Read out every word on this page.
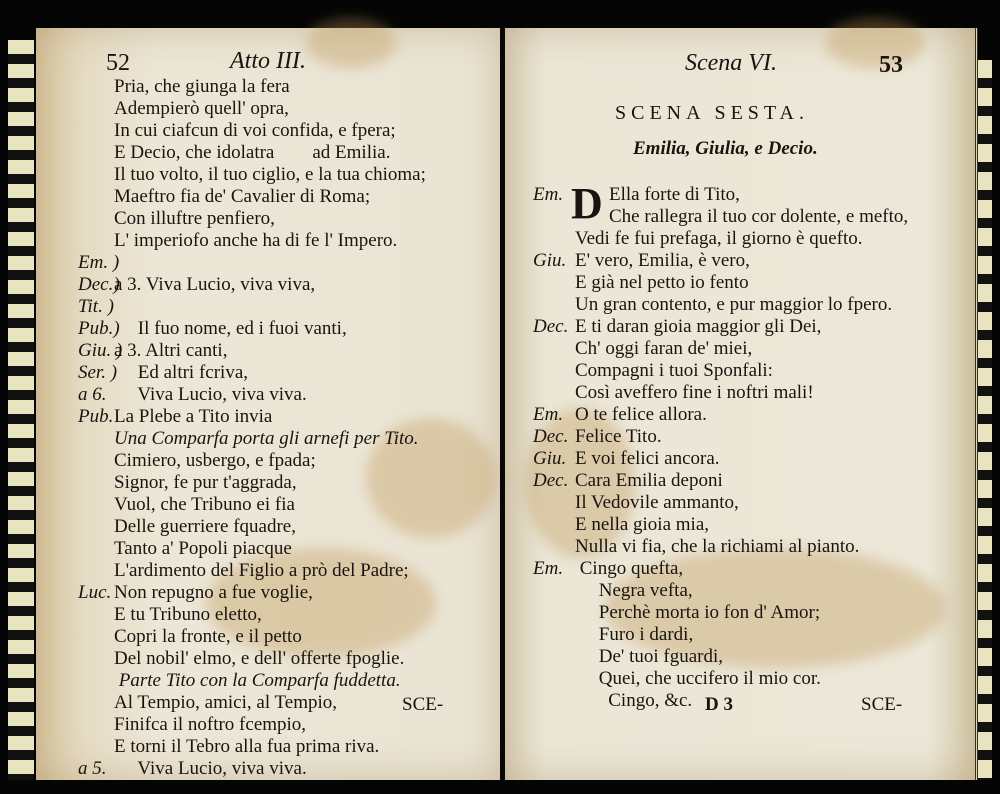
52	Atto III.
Pria, che giunga la fera
Adempierò quell' opra,
In cui ciafcun di voi confida, e fpera;
E Decio, che idolatra        ad Emilia.
Il tuo volto, il tuo ciglio, e la tua chioma;
Maeftro fia de' Cavalier di Roma;
Con illuftre penfiero,
L' imperiofo anche ha di fe l' Impero.
Em. )
Dec.)
a 3. Viva Lucio, viva viva,
Tit. )
Pub.)
Il fuo nome, ed i fuoi vanti,
Giu. )
a 3. Altri canti,
Ser. )
Ed altri fcriva,
a 6. Viva Lucio, viva viva.
Pub. La Plebe a Tito invia
Una Comparfa porta gli arnefi per Tito.
Cimiero, usbergo, e fpada;
Signor, fe pur t'aggrada,
Vuol, che Tribuno ei fia
Delle guerriere fquadre,
Tanto a' Popoli piacque
L'ardimento del Figlio a prò del Padre;
Luc. Non repugno a fue voglie,
E tu Tribuno eletto,
Copri la fronte, e il petto
Del nobil' elmo, e dell' offerte fpoglie.
Parte Tito con la Comparfa fuddetta.
Al Tempio, amici, al Tempio,
Finifca il noftro fcempio,
E torni il Tebro alla fua prima riva.
a 5. Viva Lucio, viva viva.
SCE-
Scena VI.	53
SCENA SESTA.
Emilia, Giulia, e Decio.
D
Em. Ella forte di Tito,
Che rallegra il tuo cor dolente, e mefto,
Vedi fe fui prefaga, il giorno è quefto.
Giu. E' vero, Emilia, è vero,
E già nel petto io fento
Un gran contento, e pur maggior lo fpero.
Dec. E ti daran gioia maggior gli Dei,
Ch' oggi faran de' miei,
Compagni i tuoi Sponfali:
Così aveffero fine i noftri mali!
Em. O te felice allora.
Dec. Felice Tito.
Giu. E voi felici ancora.
Dec. Cara Emilia deponi
Il Vedovile ammanto,
E nella gioia mia,
Nulla vi fia, che la richiami al pianto.
Em. Cingo quefta,
Negra vefta,
Perchè morta io fon d' Amor;
Furo i dardi,
De' tuoi fguardi,
Quei, che uccifero il mio cor.
Cingo, &c. D 3	SCE-
